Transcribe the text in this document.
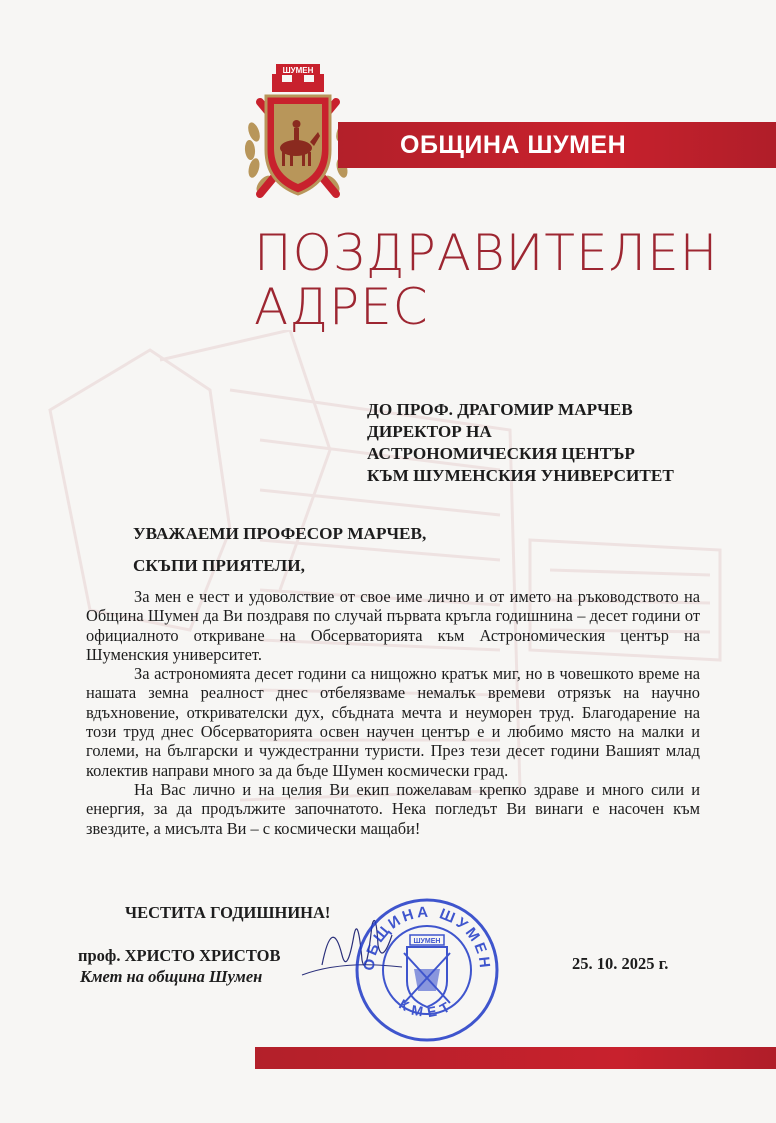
ШУМЕН
ОБЩИНА ШУМЕН
ПОЗДРАВИТЕЛЕН
АДРЕС
ДО ПРОФ. ДРАГОМИР МАРЧЕВ
ДИРЕКТОР НА
АСТРОНОМИЧЕСКИЯ ЦЕНТЪР
КЪМ ШУМЕНСКИЯ УНИВЕРСИТЕТ
УВАЖАЕМИ ПРОФЕСОР МАРЧЕВ,
СКЪПИ ПРИЯТЕЛИ,

За мен е чест и удоволствие от свое име лично и от името на ръководството на Община Шумен да Ви поздравя по случай първата кръгла годишнина – десет години от официалното откриване на Обсерваторията към Астрономическия център на Шуменския университет.

За астрономията десет години са нищожно кратък миг, но в човешкото време на нашата земна реалност днес отбелязваме немалък времеви отрязък на научно вдъхновение, откривателски дух, сбъдната мечта и неуморен труд. Благодарение на този труд днес Обсерваторията освен научен център е и любимо място на малки и големи, на български и чуждестранни туристи. През тези десет години Вашият млад колектив направи много за да бъде Шумен космически град.

На Вас лично и на целия Ви екип пожелавам крепко здраве и много сили и енергия, за да продължите започнатото. Нека погледът Ви винаги е насочен към звездите, а мисълта Ви – с космически мащаби!

ЧЕСТИТА ГОДИШНИНА!
ОБЩИНА ШУМЕН
КМЕТ
ШУМЕН
проф. ХРИСТО ХРИСТОВ
Кмет на община Шумен
25. 10. 2025 г.
